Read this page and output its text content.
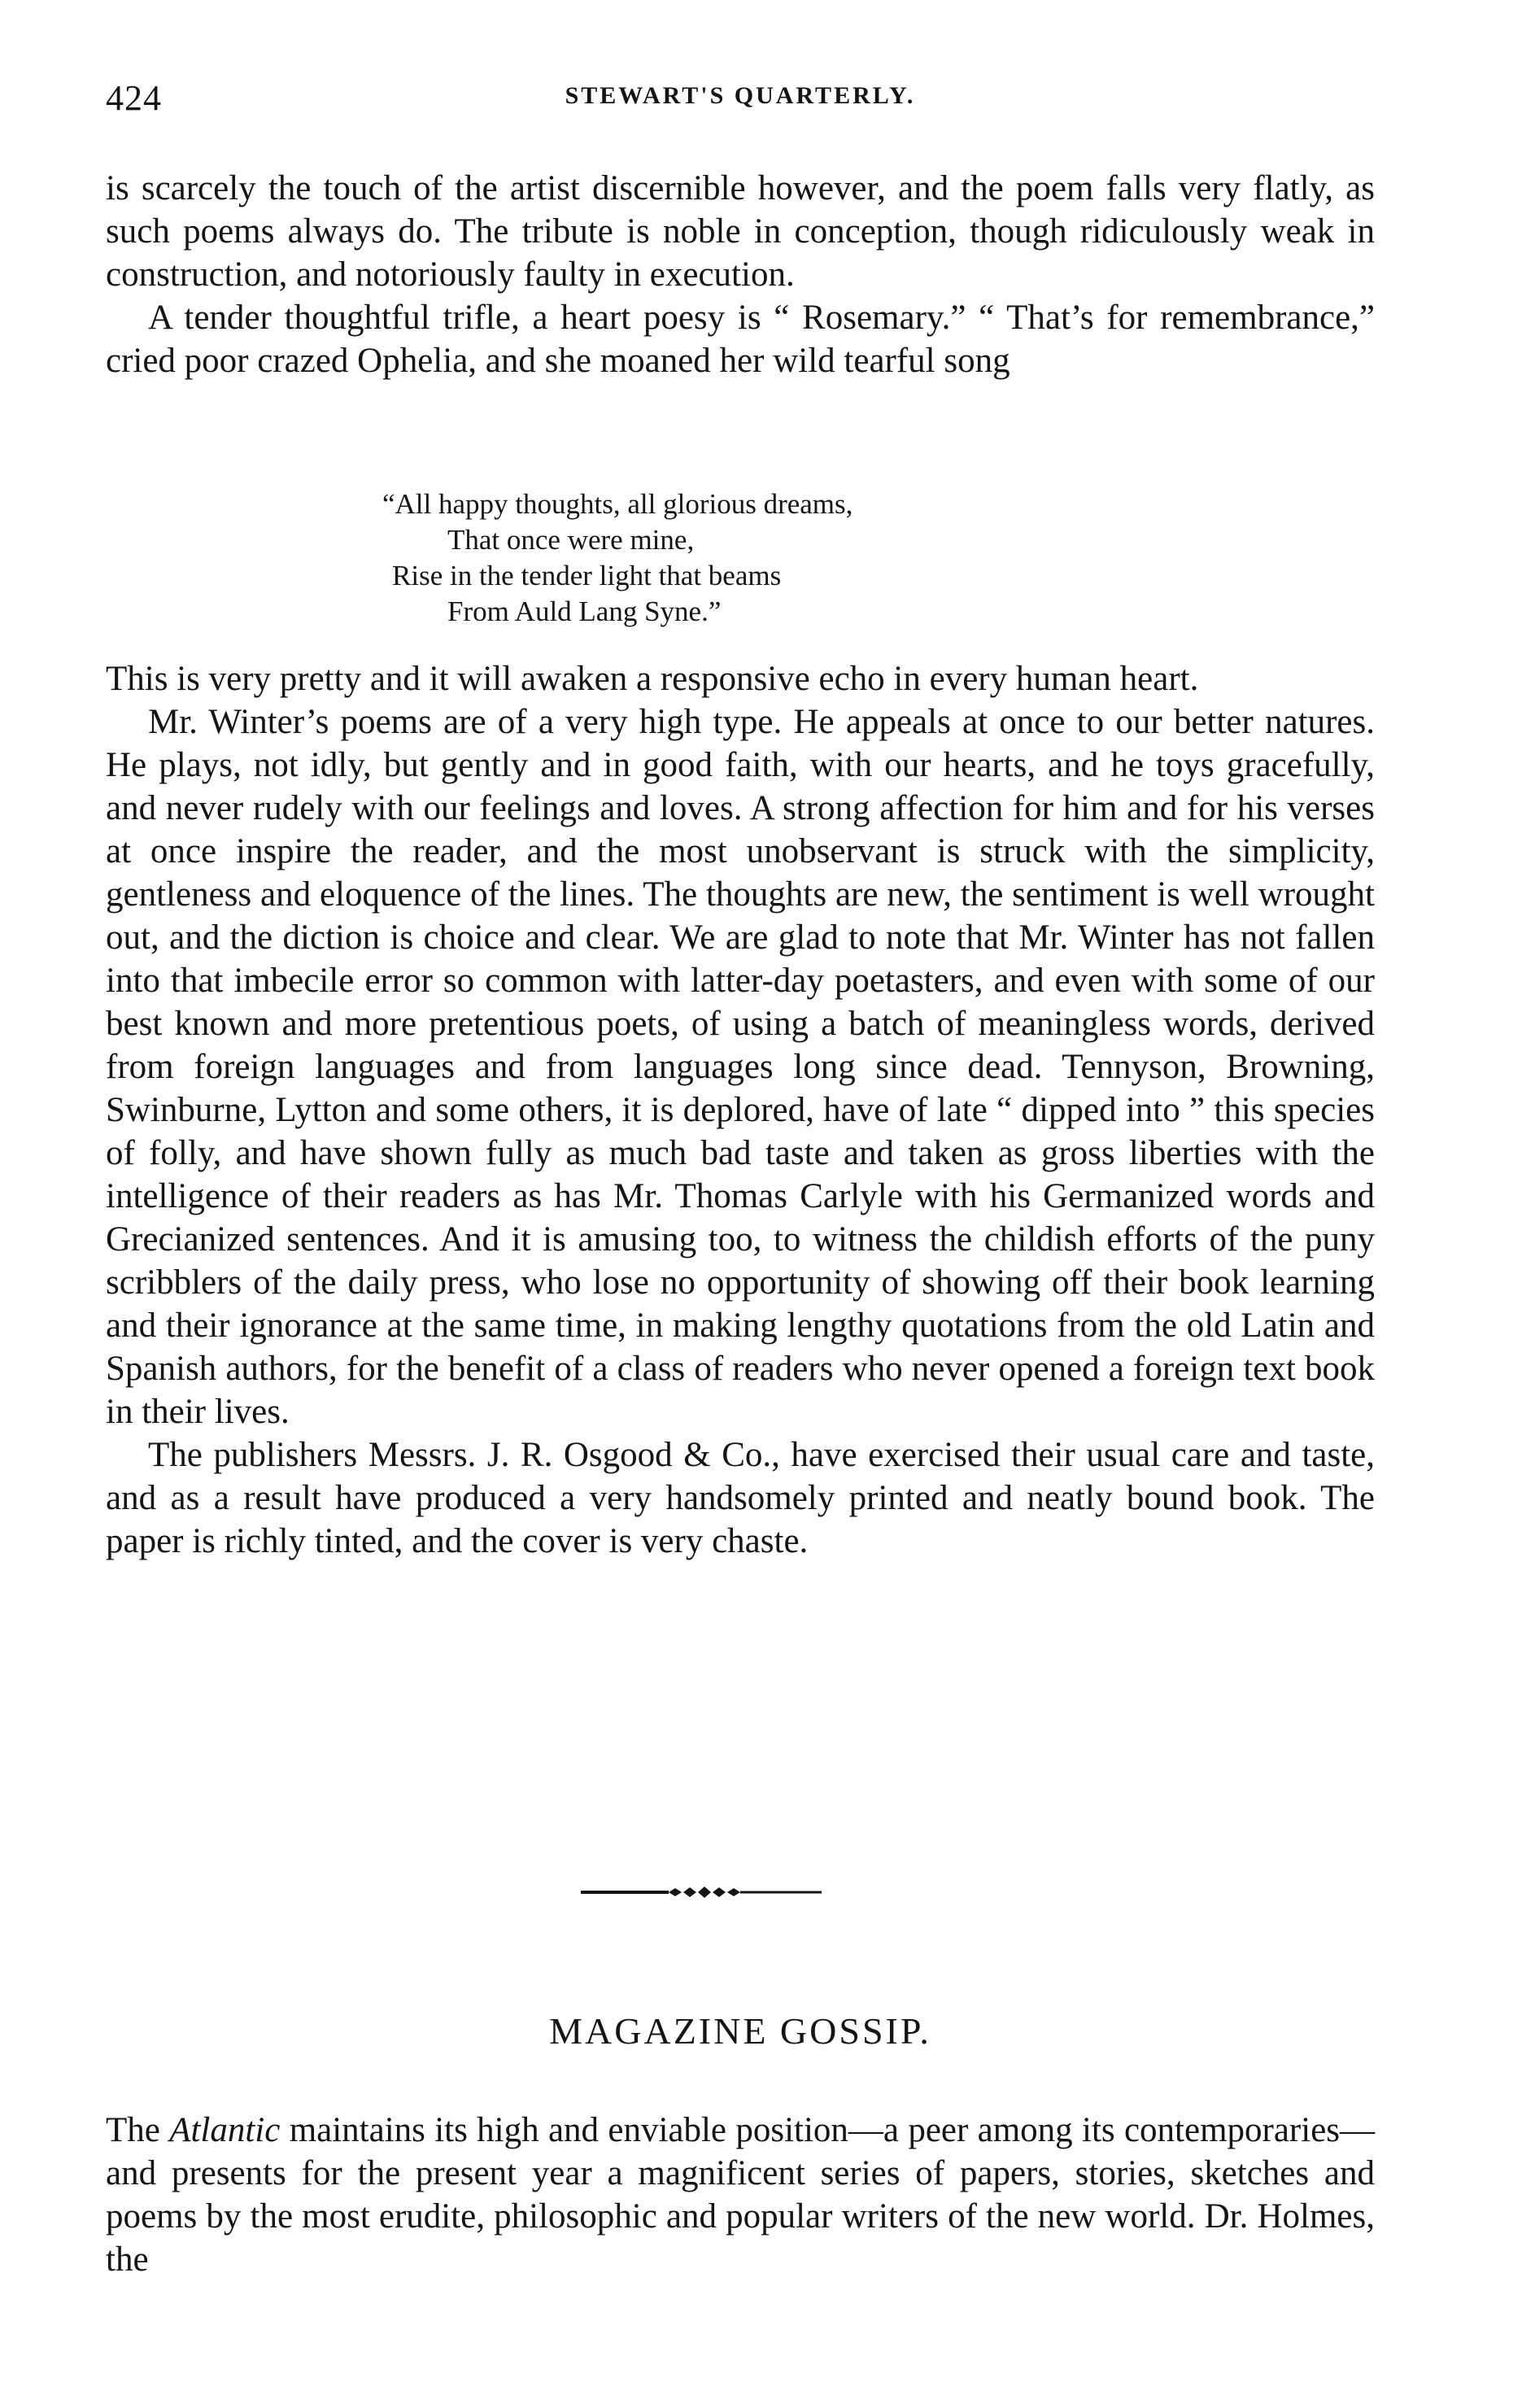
424	STEWART'S QUARTERLY.

is scarcely the touch of the artist discernible however, and the poem falls very flatly, as such poems always do. The tribute is noble in conception, though ridiculously weak in construction, and notoriously faulty in execution.

A tender thoughtful trifle, a heart poesy is “ Rosemary.” “ That’s for remembrance,” cried poor crazed Ophelia, and she moaned her wild tearful song

“All happy thoughts, all glorious dreams,
That once were mine,
Rise in the tender light that beams
From Auld Lang Syne.”

This is very pretty and it will awaken a responsive echo in every human heart.

Mr. Winter’s poems are of a very high type. He appeals at once to our better natures. He plays, not idly, but gently and in good faith, with our hearts, and he toys gracefully, and never rudely with our feelings and loves. A strong affection for him and for his verses at once inspire the reader, and the most unobservant is struck with the simplicity, gentleness and eloquence of the lines. The thoughts are new, the sentiment is well wrought out, and the diction is choice and clear. We are glad to note that Mr. Winter has not fallen into that imbecile error so common with latter-day poetasters, and even with some of our best known and more pretentious poets, of using a batch of meaningless words, derived from foreign languages and from languages long since dead. Tennyson, Browning, Swinburne, Lytton and some others, it is deplored, have of late “ dipped into ” this species of folly, and have shown fully as much bad taste and taken as gross liberties with the intelligence of their readers as has Mr. Thomas Carlyle with his Germanized words and Grecianized sentences. And it is amusing too, to witness the childish efforts of the puny scribblers of the daily press, who lose no opportunity of showing off their book learning and their ignorance at the same time, in making lengthy quotations from the old Latin and Spanish authors, for the benefit of a class of readers who never opened a foreign text book in their lives.

The publishers Messrs. J. R. Osgood & Co., have exercised their usual care and taste, and as a result have produced a very handsomely printed and neatly bound book. The paper is richly tinted, and the cover is very chaste.

MAGAZINE GOSSIP.

The Atlantic maintains its high and enviable position—a peer among its contemporaries—and presents for the present year a magnificent series of papers, stories, sketches and poems by the most erudite, philosophic and popular writers of the new world. Dr. Holmes, the
